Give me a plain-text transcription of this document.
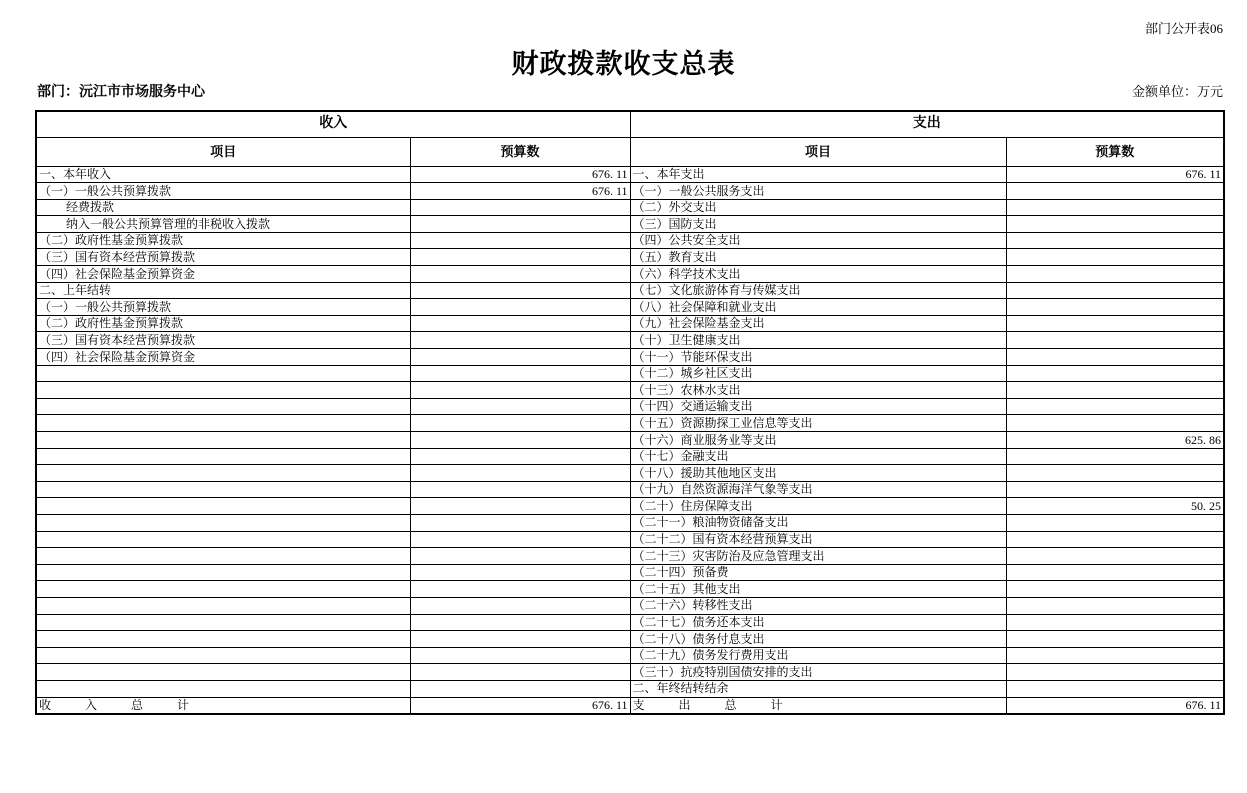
部门公开表06
财政拨款收支总表
部门：沅江市市场服务中心	金额单位：万元
收入		支出	
项目	预算数	项目	预算数
一、本年收入	676. 11	一、本年支出	676. 11
（一）一般公共预算拨款	676. 11	（一）一般公共服务支出	
经费拨款		（二）外交支出	
纳入一般公共预算管理的非税收入拨款		（三）国防支出	
（二）政府性基金预算拨款		（四）公共安全支出	
（三）国有资本经营预算拨款		（五）教育支出	
（四）社会保险基金预算资金		（六）科学技术支出	
二、上年结转		（七）文化旅游体育与传媒支出	
（一）一般公共预算拨款		（八）社会保障和就业支出	
（二）政府性基金预算拨款		（九）社会保险基金支出	
（三）国有资本经营预算拨款		（十）卫生健康支出	
（四）社会保险基金预算资金		（十一）节能环保支出	
		（十二）城乡社区支出	
		（十三）农林水支出	
		（十四）交通运输支出	
		（十五）资源勘探工业信息等支出	
		（十六）商业服务业等支出	625. 86
		（十七）金融支出	
		（十八）援助其他地区支出	
		（十九）自然资源海洋气象等支出	
		（二十）住房保障支出	50. 25
		（二十一）粮油物资储备支出	
		（二十二）国有资本经营预算支出	
		（二十三）灾害防治及应急管理支出	
		（二十四）预备费	
		（二十五）其他支出	
		（二十六）转移性支出	
		（二十七）债务还本支出	
		（二十八）债务付息支出	
		（二十九）债务发行费用支出	
		（三十）抗疫特别国债安排的支出	
		二、年终结转结余	
收入总计	676. 11	支出总计	676. 11
